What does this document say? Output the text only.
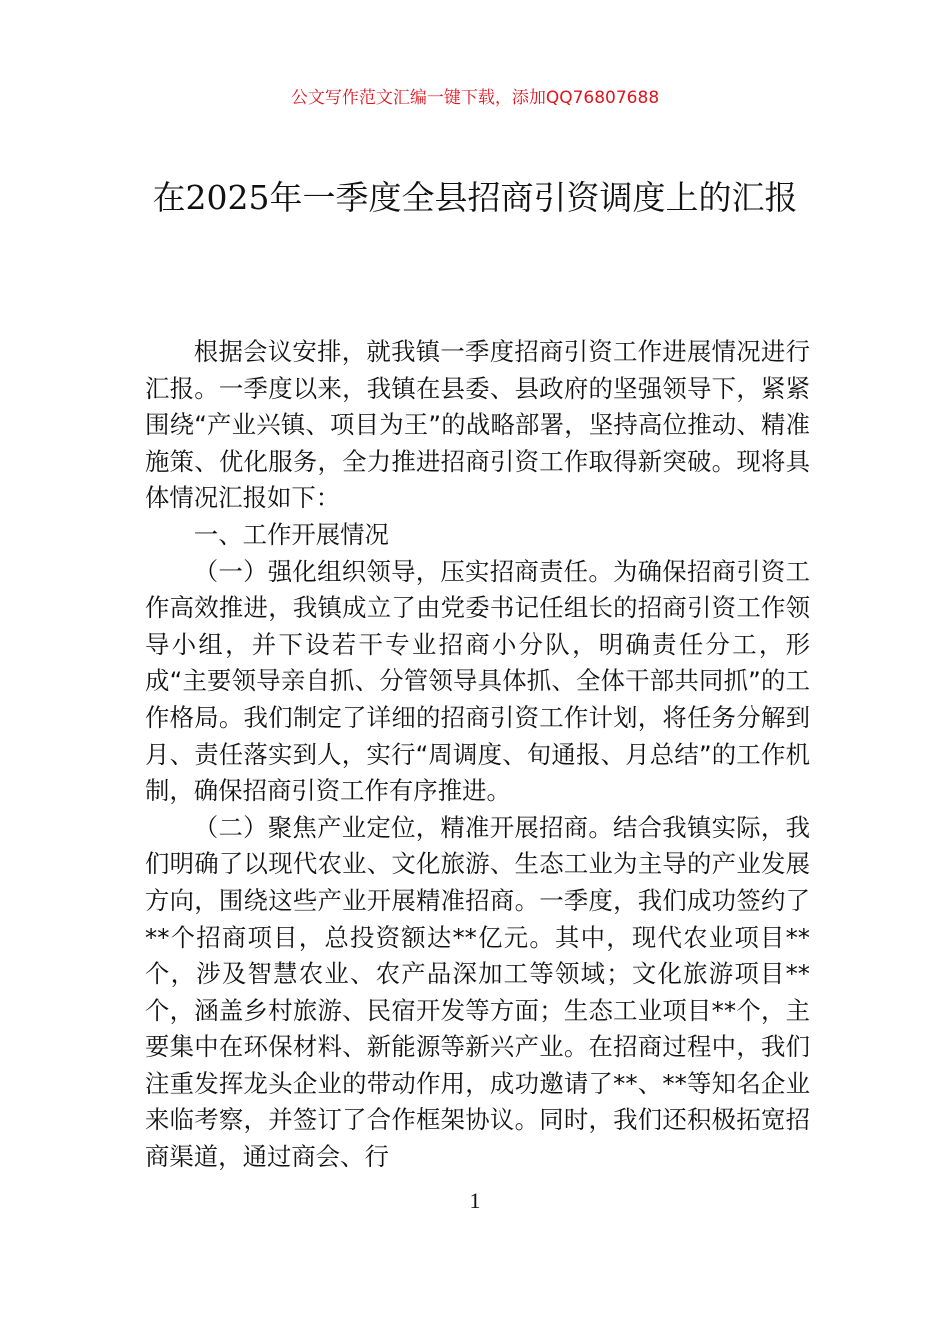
公文写作范文汇编一键下载，添加QQ76807688
在2025年一季度全县招商引资调度上的汇报

根据会议安排，就我镇一季度招商引资工作进展情况进行汇报。一季度以来，我镇在县委、县政府的坚强领导下，紧紧围绕“产业兴镇、项目为王”的战略部署，坚持高位推动、精准施策、优化服务，全力推进招商引资工作取得新突破。现将具体情况汇报如下：

一、工作开展情况

（一）强化组织领导，压实招商责任。为确保招商引资工作高效推进，我镇成立了由党委书记任组长的招商引资工作领导小组，并下设若干专业招商小分队，明确责任分工，形成“主要领导亲自抓、分管领导具体抓、全体干部共同抓”的工作格局。我们制定了详细的招商引资工作计划，将任务分解到月、责任落实到人，实行“周调度、旬通报、月总结”的工作机制，确保招商引资工作有序推进。

（二）聚焦产业定位，精准开展招商。结合我镇实际，我们明确了以现代农业、文化旅游、生态工业为主导的产业发展方向，围绕这些产业开展精准招商。一季度，我们成功签约了**个招商项目，总投资额达**亿元。其中，现代农业项目**个，涉及智慧农业、农产品深加工等领域；文化旅游项目**个，涵盖乡村旅游、民宿开发等方面；生态工业项目**个，主要集中在环保材料、新能源等新兴产业。在招商过程中，我们注重发挥龙头企业的带动作用，成功邀请了**、**等知名企业来临考察，并签订了合作框架协议。同时，我们还积极拓宽招商渠道，通过商会、行

1
